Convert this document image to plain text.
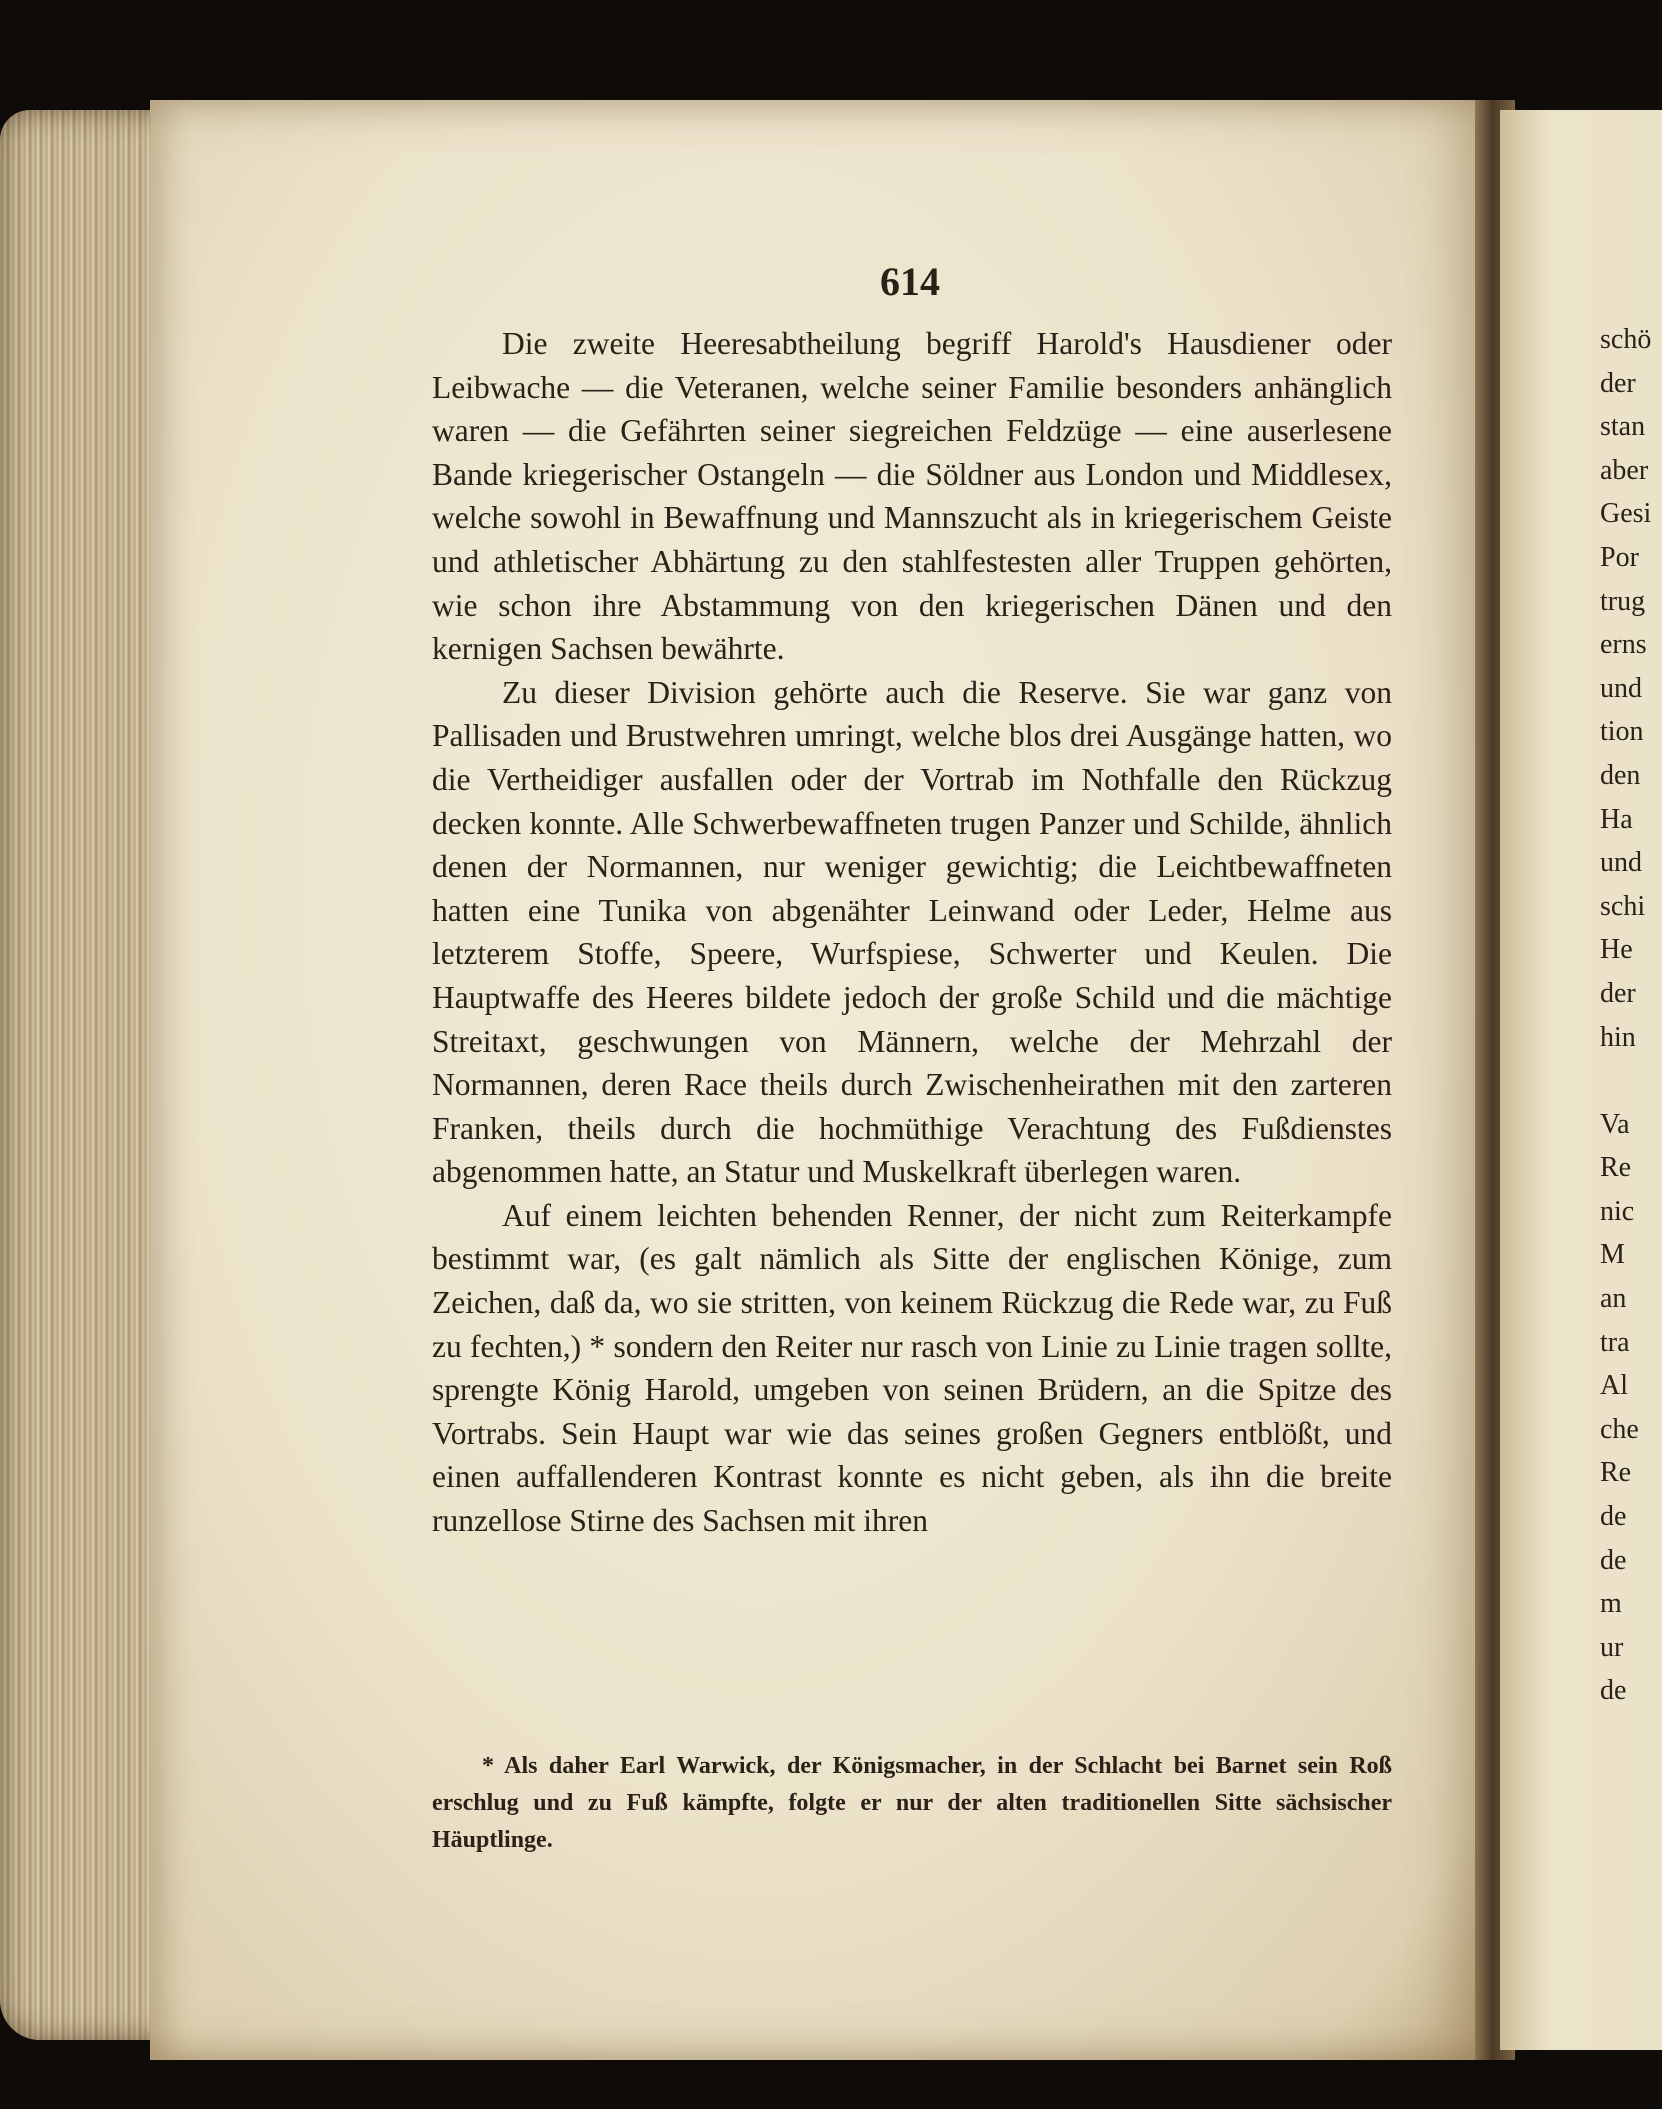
614

Die zweite Heeresabtheilung begriff Harold's Hausdiener oder Leibwache — die Veteranen, welche seiner Familie besonders anhänglich waren — die Gefährten seiner siegreichen Feldzüge — eine auserlesene Bande kriegerischer Ostangeln — die Söldner aus London und Middlesex, welche sowohl in Bewaffnung und Mannszucht als in kriegerischem Geiste und athletischer Abhärtung zu den stahlfestesten aller Truppen gehörten, wie schon ihre Abstammung von den kriegerischen Dänen und den kernigen Sachsen bewährte.

Zu dieser Division gehörte auch die Reserve. Sie war ganz von Pallisaden und Brustwehren umringt, welche blos drei Ausgänge hatten, wo die Vertheidiger ausfallen oder der Vortrab im Nothfalle den Rückzug decken konnte. Alle Schwerbewaffneten trugen Panzer und Schilde, ähnlich denen der Normannen, nur weniger gewichtig; die Leichtbewaffneten hatten eine Tunika von abgenähter Leinwand oder Leder, Helme aus letzterem Stoffe, Speere, Wurfspiese, Schwerter und Keulen. Die Hauptwaffe des Heeres bildete jedoch der große Schild und die mächtige Streitaxt, geschwungen von Männern, welche der Mehrzahl der Normannen, deren Race theils durch Zwischenheirathen mit den zarteren Franken, theils durch die hochmüthige Verachtung des Fußdienstes abgenommen hatte, an Statur und Muskelkraft überlegen waren.

Auf einem leichten behenden Renner, der nicht zum Reiterkampfe bestimmt war, (es galt nämlich als Sitte der englischen Könige, zum Zeichen, daß da, wo sie stritten, von keinem Rückzug die Rede war, zu Fuß zu fechten,) * sondern den Reiter nur rasch von Linie zu Linie tragen sollte, sprengte König Harold, umgeben von seinen Brüdern, an die Spitze des Vortrabs. Sein Haupt war wie das seines großen Gegners entblößt, und einen auffallenderen Kontrast konnte es nicht geben, als ihn die breite runzellose Stirne des Sachsen mit ihren

* Als daher Earl Warwick, der Königsmacher, in der Schlacht bei Barnet sein Roß erschlug und zu Fuß kämpfte, folgte er nur der alten traditionellen Sitte sächsischer Häuptlinge.

schö
der
stan
aber
Gesi
Por
trug
erns
und
tion
den
Ha
und
schi
He
der
hin
Va
Re
nic
M
an
tra
Al
che
Re
de
de
m
ur
de
